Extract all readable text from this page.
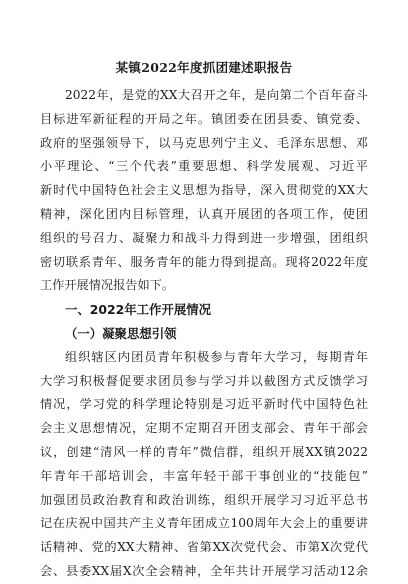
某镇2022年度抓团建述职报告
2022年，是党的XX大召开之年，是向第二个百年奋斗
目标进军新征程的开局之年。镇团委在团县委、镇党委、
政府的坚强领导下，以马克思列宁主义、毛泽东思想、邓
小平理论、“三个代表”重要思想、科学发展观、习近平
新时代中国特色社会主义思想为指导，深入贯彻党的XX大
精神，深化团内目标管理，认真开展团的各项工作，使团
组织的号召力、凝聚力和战斗力得到进一步增强，团组织
密切联系青年、服务青年的能力得到提高。现将2022年度
工作开展情况报告如下。
一、2022年工作开展情况
（一）凝聚思想引领
组织辖区内团员青年积极参与青年大学习，每期青年
大学习积极督促要求团员参与学习并以截图方式反馈学习
情况，学习党的科学理论特别是习近平新时代中国特色社
会主义思想情况，定期不定期召开团支部会、青年干部会
议，创建“清风一样的青年”微信群，组织开展XX镇2022
年青年干部培训会，丰富年轻干部干事创业的“技能包”
加强团员政治教育和政治训练，组织开展学习习近平总书
记在庆祝中国共产主义青年团成立100周年大会上的重要讲
话精神、党的XX大精神、省第XX次党代会、市第X次党代
会、县委XX届X次全会精神，全年共计开展学习活动12余
